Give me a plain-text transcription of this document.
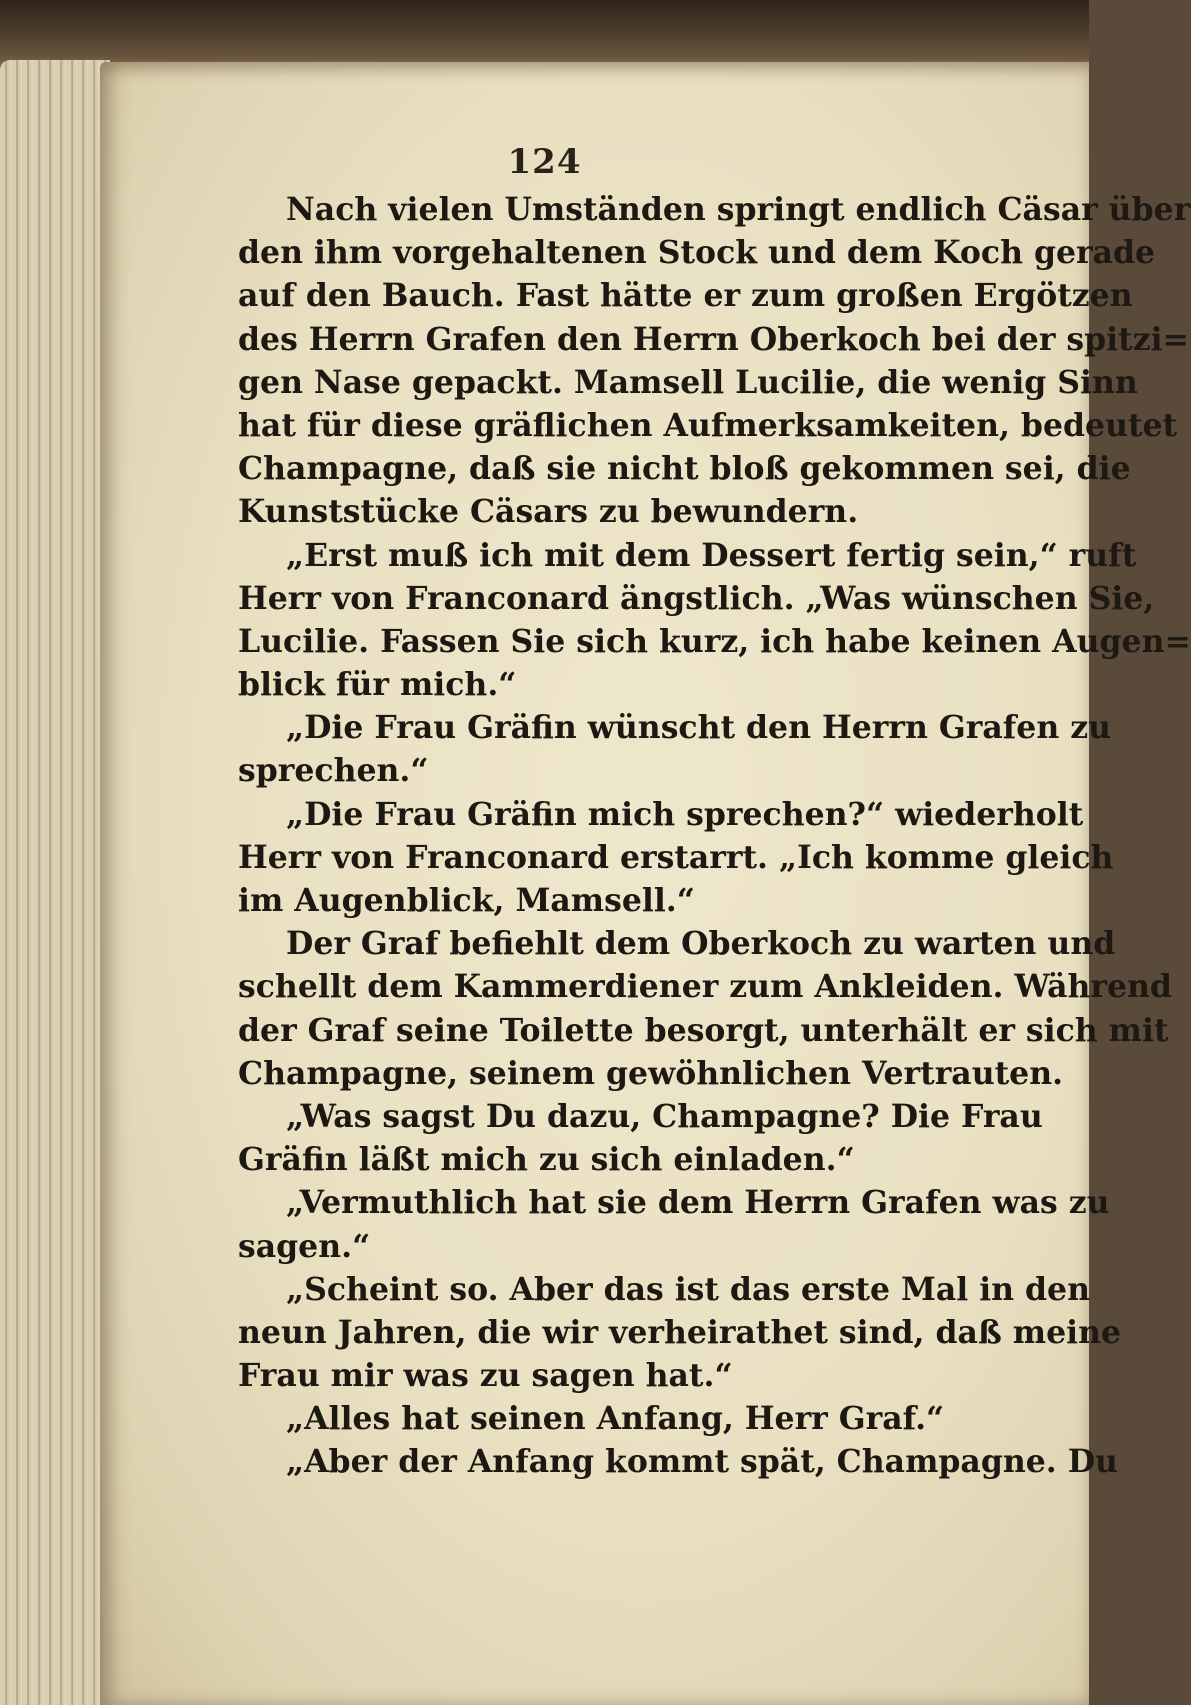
124
Nach vielen Umständen springt endlich Cäsar über
den ihm vorgehaltenen Stock und dem Koch gerade
auf den Bauch. Fast hätte er zum großen Ergötzen
des Herrn Grafen den Herrn Oberkoch bei der spitzi=
gen Nase gepackt. Mamsell Lucilie, die wenig Sinn
hat für diese gräflichen Aufmerksamkeiten, bedeutet
Champagne, daß sie nicht bloß gekommen sei, die
Kunststücke Cäsars zu bewundern.
„Erst muß ich mit dem Dessert fertig sein,“ ruft
Herr von Franconard ängstlich. „Was wünschen Sie,
Lucilie. Fassen Sie sich kurz, ich habe keinen Augen=
blick für mich.“
„Die Frau Gräfin wünscht den Herrn Grafen zu
sprechen.“
„Die Frau Gräfin mich sprechen?“ wiederholt
Herr von Franconard erstarrt. „Ich komme gleich
im Augenblick, Mamsell.“
Der Graf befiehlt dem Oberkoch zu warten und
schellt dem Kammerdiener zum Ankleiden. Während
der Graf seine Toilette besorgt, unterhält er sich mit
Champagne, seinem gewöhnlichen Vertrauten.
„Was sagst Du dazu, Champagne? Die Frau
Gräfin läßt mich zu sich einladen.“
„Vermuthlich hat sie dem Herrn Grafen was zu
sagen.“
„Scheint so. Aber das ist das erste Mal in den
neun Jahren, die wir verheirathet sind, daß meine
Frau mir was zu sagen hat.“
„Alles hat seinen Anfang, Herr Graf.“
„Aber der Anfang kommt spät, Champagne. Du
